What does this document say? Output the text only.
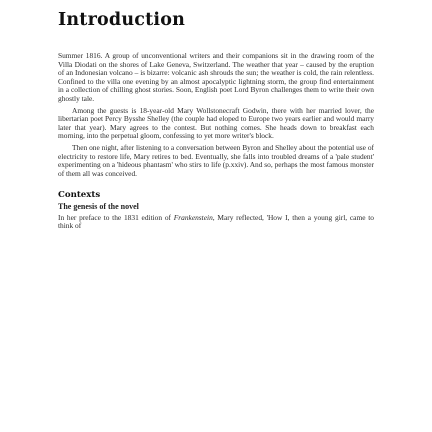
Introduction

Summer 1816. A group of unconventional writers and their companions sit in the drawing room of the Villa Diodati on the shores of Lake Geneva, Switzerland. The weather that year – caused by the eruption of an Indonesian volcano – is bizarre: volcanic ash shrouds the sun; the weather is cold, the rain relentless. Confined to the villa one evening by an almost apocalyptic lightning storm, the group find entertainment in a collection of chilling ghost stories. Soon, English poet Lord Byron challenges them to write their own ghostly tale.

Among the guests is 18-year-old Mary Wollstonecraft Godwin, there with her married lover, the libertarian poet Percy Bysshe Shelley (the couple had eloped to Europe two years earlier and would marry later that year). Mary agrees to the contest. But nothing comes. She heads down to breakfast each morning, into the perpetual gloom, confessing to yet more writer's block.

Then one night, after listening to a conversation between Byron and Shelley about the potential use of electricity to restore life, Mary retires to bed. Eventually, she falls into troubled dreams of a 'pale student' experimenting on a 'hideous phantasm' who stirs to life (p.xxiv). And so, perhaps the most famous monster of them all was conceived.

Contexts
The genesis of the novel

In her preface to the 1831 edition of Frankenstein, Mary reflected, 'How I, then a young girl, came to think of
